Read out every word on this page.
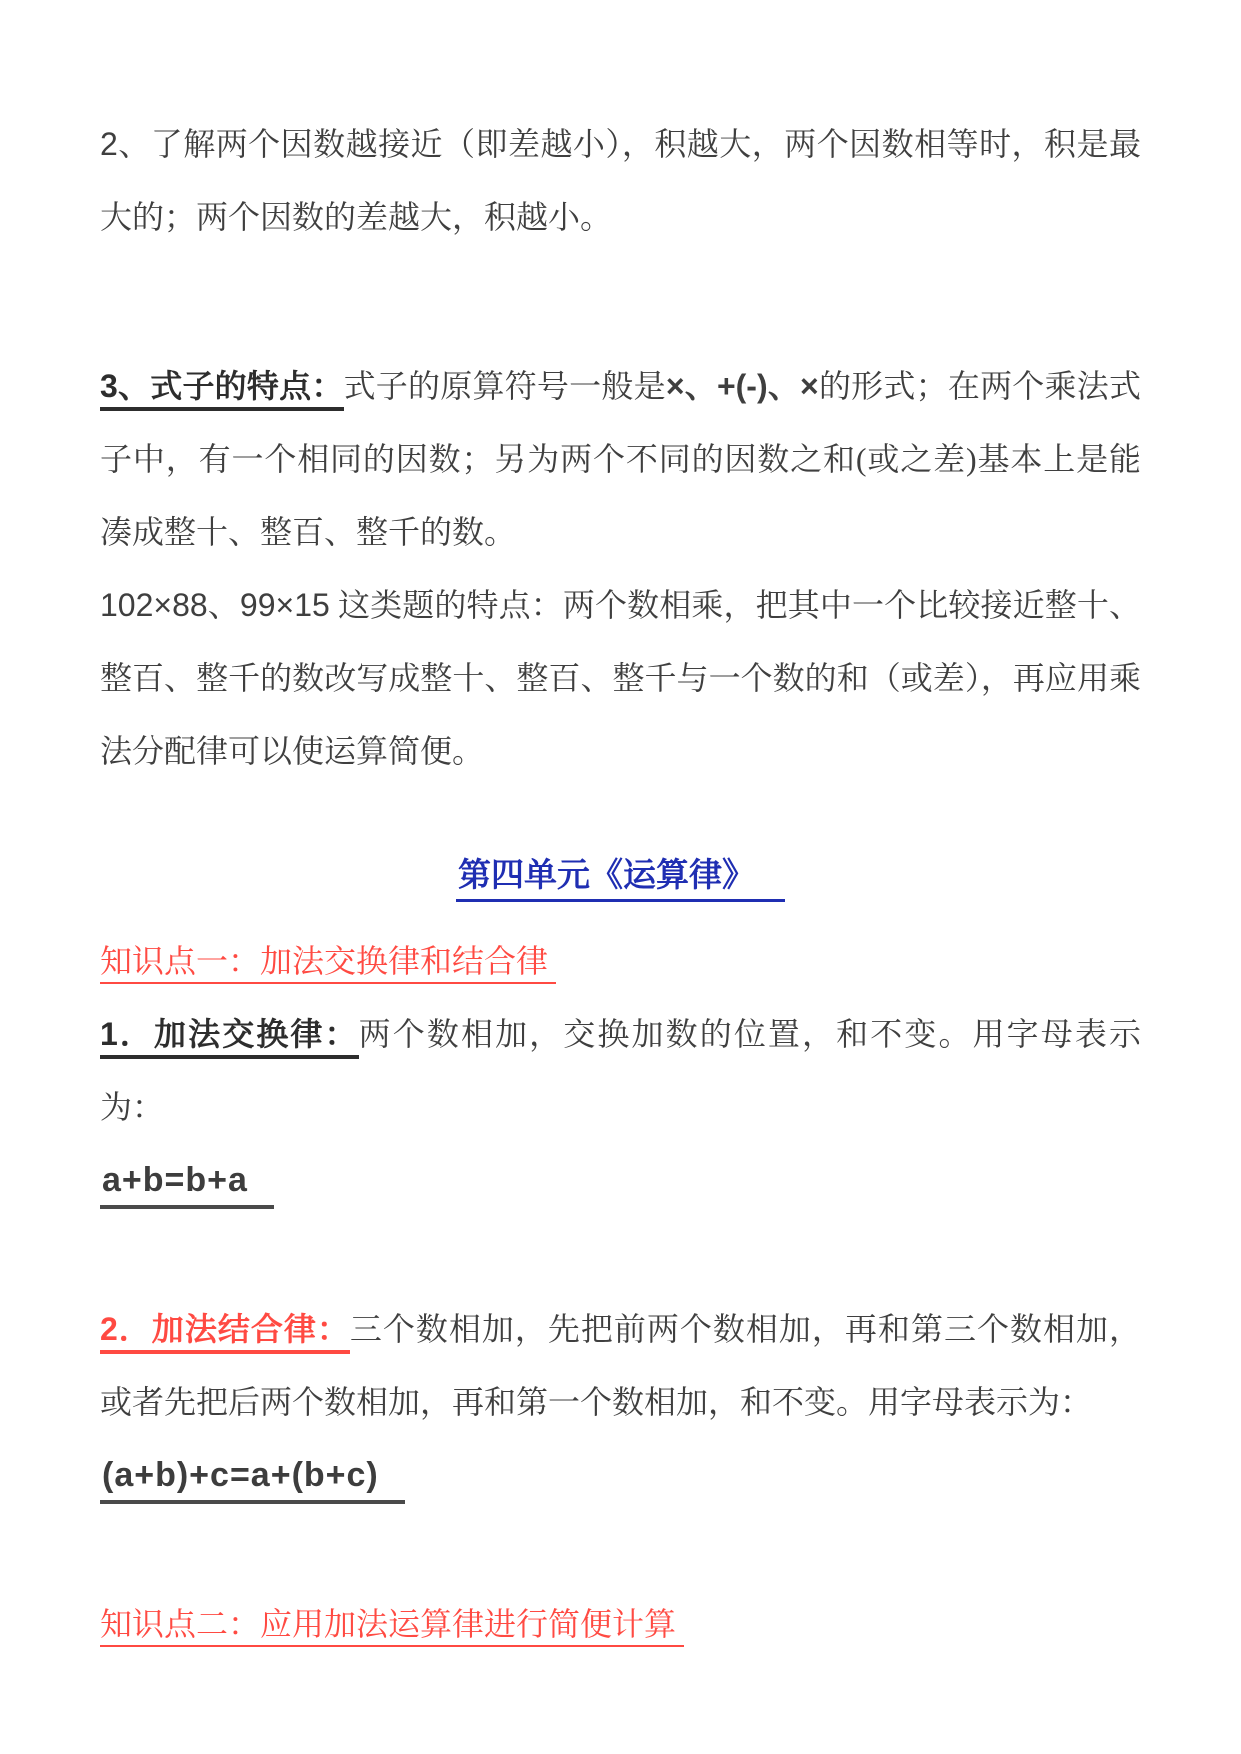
2、了解两个因数越接近（即差越小），积越大，两个因数相等时，积是最大的；两个因数的差越大，积越小。

3、式子的特点：式子的原算符号一般是×、+(-)、×的形式；在两个乘法式子中，有一个相同的因数；另为两个不同的因数之和(或之差)基本上是能凑成整十、整百、整千的数。

102×88、99×15 这类题的特点：两个数相乘，把其中一个比较接近整十、整百、整千的数改写成整十、整百、整千与一个数的和（或差），再应用乘法分配律可以使运算简便。

第四单元《运算律》
知识点一：加法交换律和结合律

1．加法交换律：两个数相加，交换加数的位置，和不变。用字母表示为：

a+b=b+a

2．加法结合律：三个数相加，先把前两个数相加，再和第三个数相加，或者先把后两个数相加，再和第一个数相加，和不变。用字母表示为：

(a+b)+c=a+(b+c)

知识点二：应用加法运算律进行简便计算
